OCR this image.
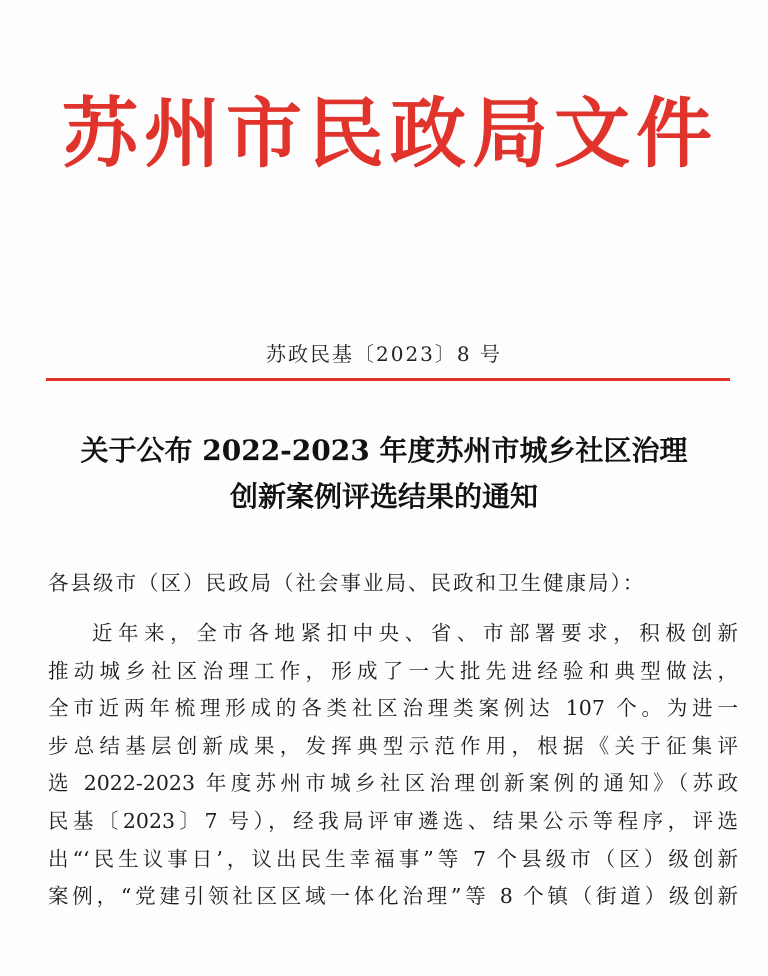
苏州市民政局文件
苏政民基〔2023〕8 号
关于公布 2022-2023 年度苏州市城乡社区治理
创新案例评选结果的通知
各县级市（区）民政局（社会事业局、民政和卫生健康局）：
近年来，全市各地紧扣中央、省、市部署要求，积极创新
推动城乡社区治理工作，形成了一大批先进经验和典型做法，
全市近两年梳理形成的各类社区治理类案例达 107 个。为进一
步总结基层创新成果，发挥典型示范作用，根据《关于征集评
选 2022-2023 年度苏州市城乡社区治理创新案例的通知》（苏政
民基〔2023〕7 号），经我局评审遴选、结果公示等程序，评选
出“‘民生议事日’，议出民生幸福事”等 7 个县级市（区）级创新
案例，“党建引领社区区域一体化治理”等 8 个镇（街道）级创新
